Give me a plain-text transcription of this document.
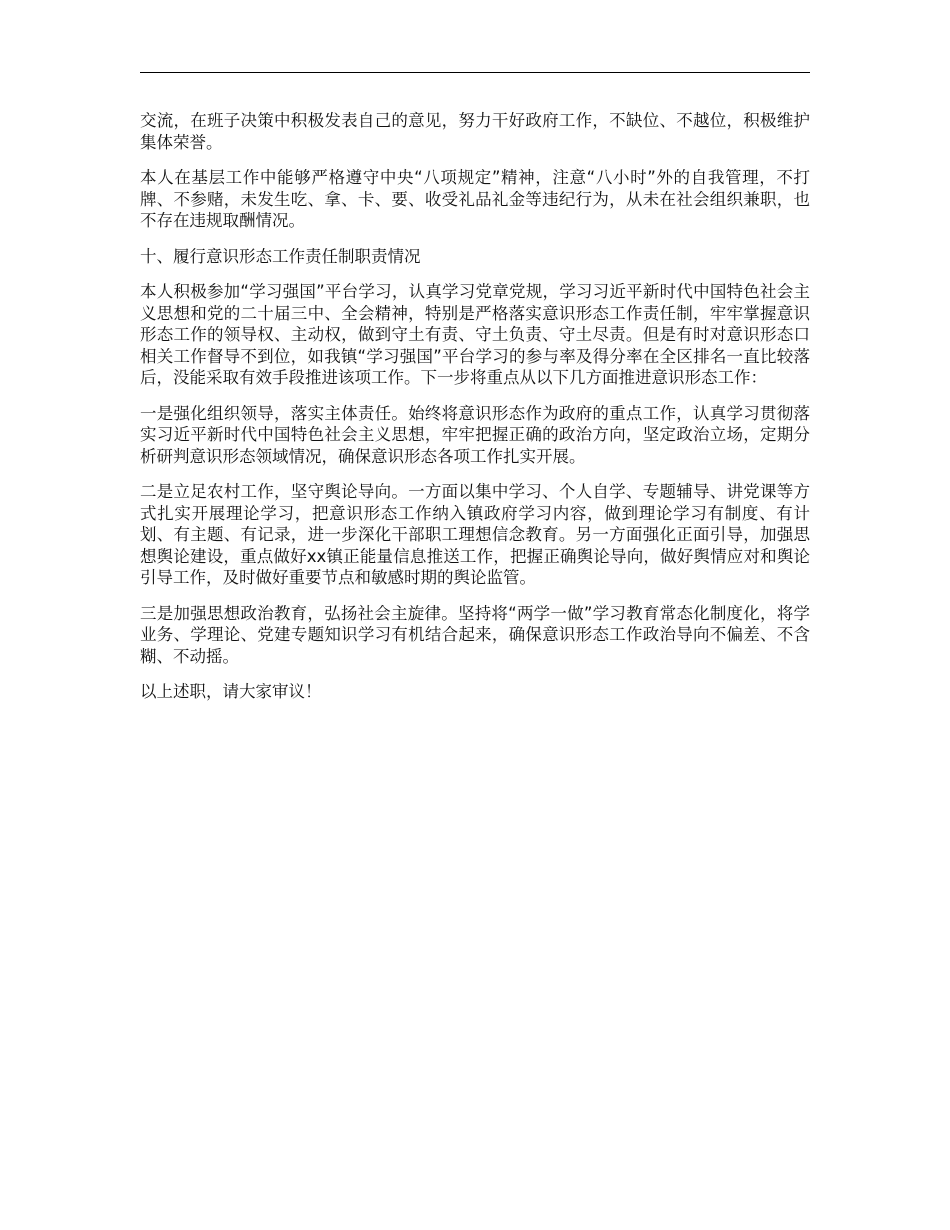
交流，在班子决策中积极发表自己的意见，努力干好政府工作，不缺位、不越位，积极维护集体荣誉。

本人在基层工作中能够严格遵守中央“八项规定”精神，注意“八小时”外的自我管理，不打牌、不参赌，未发生吃、拿、卡、要、收受礼品礼金等违纪行为，从未在社会组织兼职，也不存在违规取酬情况。

十、履行意识形态工作责任制职责情况

本人积极参加“学习强国”平台学习，认真学习党章党规，学习习近平新时代中国特色社会主义思想和党的二十届三中、全会精神，特别是严格落实意识形态工作责任制，牢牢掌握意识形态工作的领导权、主动权，做到守土有责、守土负责、守土尽责。但是有时对意识形态口相关工作督导不到位，如我镇“学习强国”平台学习的参与率及得分率在全区排名一直比较落后，没能采取有效手段推进该项工作。下一步将重点从以下几方面推进意识形态工作：

一是强化组织领导，落实主体责任。始终将意识形态作为政府的重点工作，认真学习贯彻落实习近平新时代中国特色社会主义思想，牢牢把握正确的政治方向，坚定政治立场，定期分析研判意识形态领域情况，确保意识形态各项工作扎实开展。

二是立足农村工作，坚守舆论导向。一方面以集中学习、个人自学、专题辅导、讲党课等方式扎实开展理论学习，把意识形态工作纳入镇政府学习内容，做到理论学习有制度、有计划、有主题、有记录，进一步深化干部职工理想信念教育。另一方面强化正面引导，加强思想舆论建设，重点做好xx镇正能量信息推送工作，把握正确舆论导向，做好舆情应对和舆论引导工作，及时做好重要节点和敏感时期的舆论监管。

三是加强思想政治教育，弘扬社会主旋律。坚持将“两学一做”学习教育常态化制度化，将学业务、学理论、党建专题知识学习有机结合起来，确保意识形态工作政治导向不偏差、不含糊、不动摇。

以上述职，请大家审议！
